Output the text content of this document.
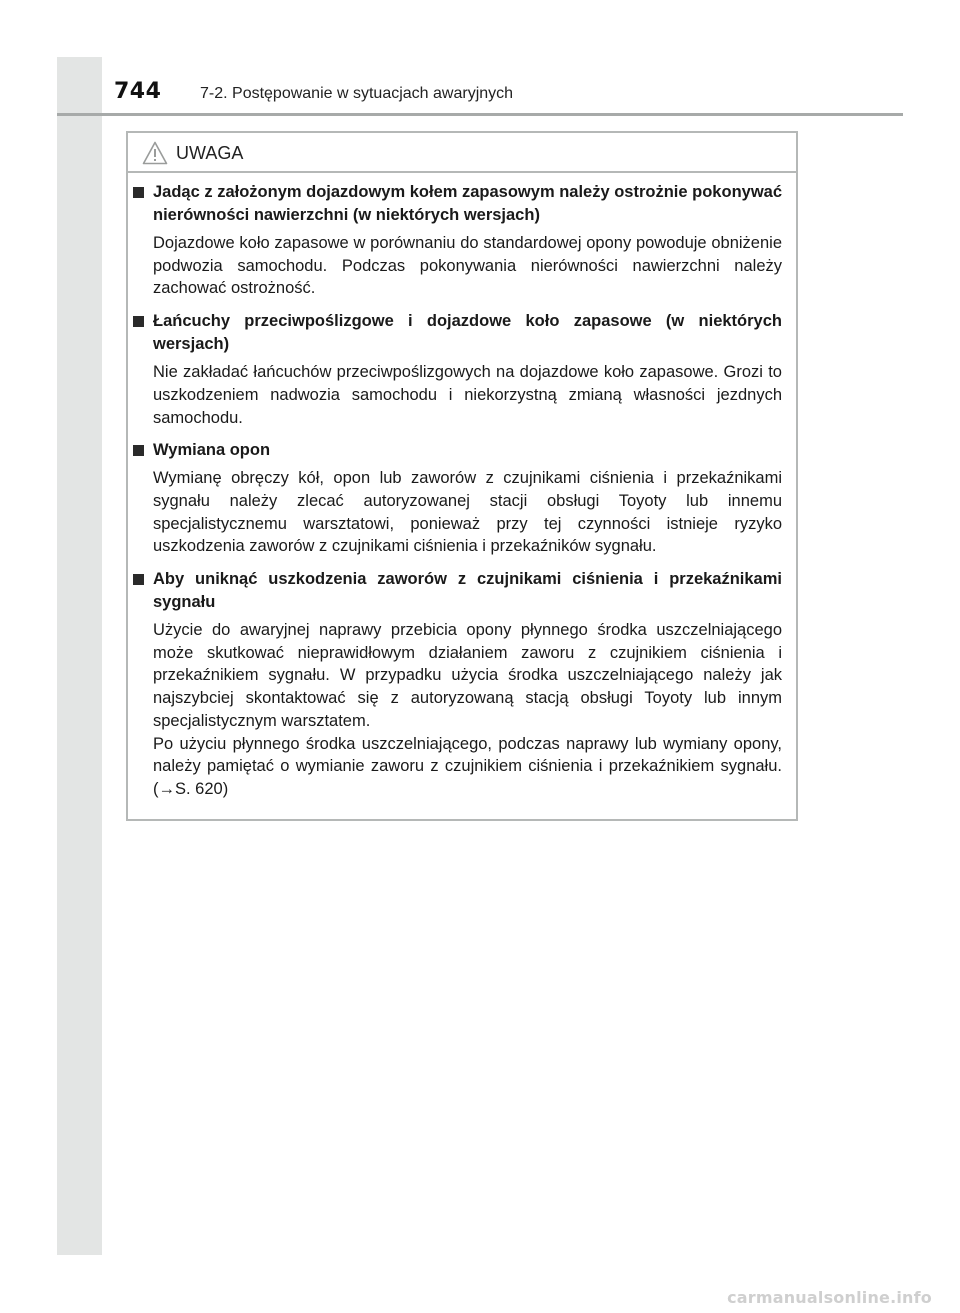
744 7-2. Postępowanie w sytuacjach awaryjnych
UWAGA
Jadąc z założonym dojazdowym kołem zapasowym należy ostrożnie pokonywać nierówności nawierzchni (w niektórych wersjach)

Dojazdowe koło zapasowe w porównaniu do standardowej opony powoduje obniżenie podwozia samochodu. Podczas pokonywania nierówności nawierzchni należy zachować ostrożność.

Łańcuchy przeciwpoślizgowe i dojazdowe koło zapasowe (w niektórych wersjach)

Nie zakładać łańcuchów przeciwpoślizgowych na dojazdowe koło zapasowe. Grozi to uszkodzeniem nadwozia samochodu i niekorzystną zmianą własności jezdnych samochodu.

Wymiana opon

Wymianę obręczy kół, opon lub zaworów z czujnikami ciśnienia i przekaźnikami sygnału należy zlecać autoryzowanej stacji obsługi Toyoty lub innemu specjalistycznemu warsztatowi, ponieważ przy tej czynności istnieje ryzyko uszkodzenia zaworów z czujnikami ciśnienia i przekaźników sygnału.

Aby uniknąć uszkodzenia zaworów z czujnikami ciśnienia i przekaźnikami sygnału

Użycie do awaryjnej naprawy przebicia opony płynnego środka uszczelniającego może skutkować nieprawidłowym działaniem zaworu z czujnikiem ciśnienia i przekaźnikiem sygnału. W przypadku użycia środka uszczelniającego należy jak najszybciej skontaktować się z autoryzowaną stacją obsługi Toyoty lub innym specjalistycznym warsztatem.

Po użyciu płynnego środka uszczelniającego, podczas naprawy lub wymiany opony, należy pamiętać o wymianie zaworu z czujnikiem ciśnienia i przekaźnikiem sygnału. (→S. 620)

carmanualsonline.info
